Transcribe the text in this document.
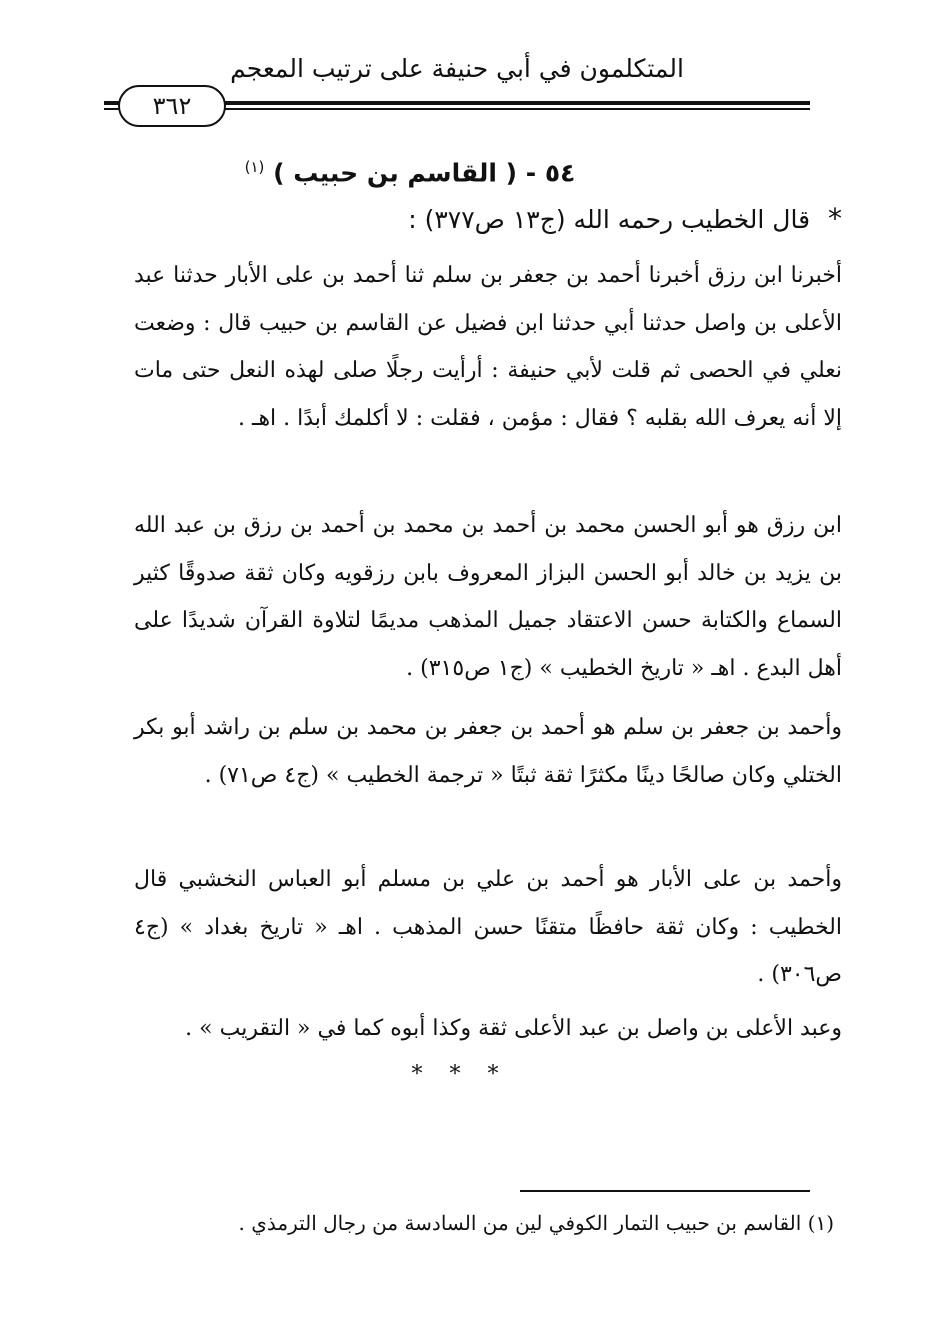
المتكلمون في أبي حنيفة على ترتيب المعجم
٣٦٢
٥٤ - ( القاسم بن حبيب ) $^{(١)}$
* قال الخطيب رحمه الله (ج١٣ ص٣٧٧) :

أخبرنا ابن رزق أخبرنا أحمد بن جعفر بن سلم ثنا أحمد بن على الأبار حدثنا عبد الأعلى بن واصل حدثنا أبي حدثنا ابن فضيل عن القاسم بن حبيب قال : وضعت نعلي في الحصى ثم قلت لأبي حنيفة : أرأيت رجلًا صلى لهذه النعل حتى مات إلا أنه يعرف الله بقلبه ؟ فقال : مؤمن ، فقلت : لا أكلمك أبدًا . اهـ .

ابن رزق هو أبو الحسن محمد بن أحمد بن محمد بن أحمد بن رزق بن عبد الله بن يزيد بن خالد أبو الحسن البزاز المعروف بابن رزقويه وكان ثقة صدوقًا كثير السماع والكتابة حسن الاعتقاد جميل المذهب مديمًا لتلاوة القرآن شديدًا على أهل البدع . اهـ « تاريخ الخطيب » (ج١ ص٣١٥) .

وأحمد بن جعفر بن سلم هو أحمد بن جعفر بن محمد بن سلم بن راشد أبو بكر الختلي وكان صالحًا دينًا مكثرًا ثقة ثبتًا « ترجمة الخطيب » (ج٤ ص٧١) .

وأحمد بن على الأبار هو أحمد بن علي بن مسلم أبو العباس النخشبي قال الخطيب : وكان ثقة حافظًا متقنًا حسن المذهب . اهـ « تاريخ بغداد » (ج٤ ص٣٠٦) .

وعبد الأعلى بن واصل بن عبد الأعلى ثقة وكذا أبوه كما في « التقريب » .

* * *
(١) القاسم بن حبيب التمار الكوفي لين من السادسة من رجال الترمذي .
